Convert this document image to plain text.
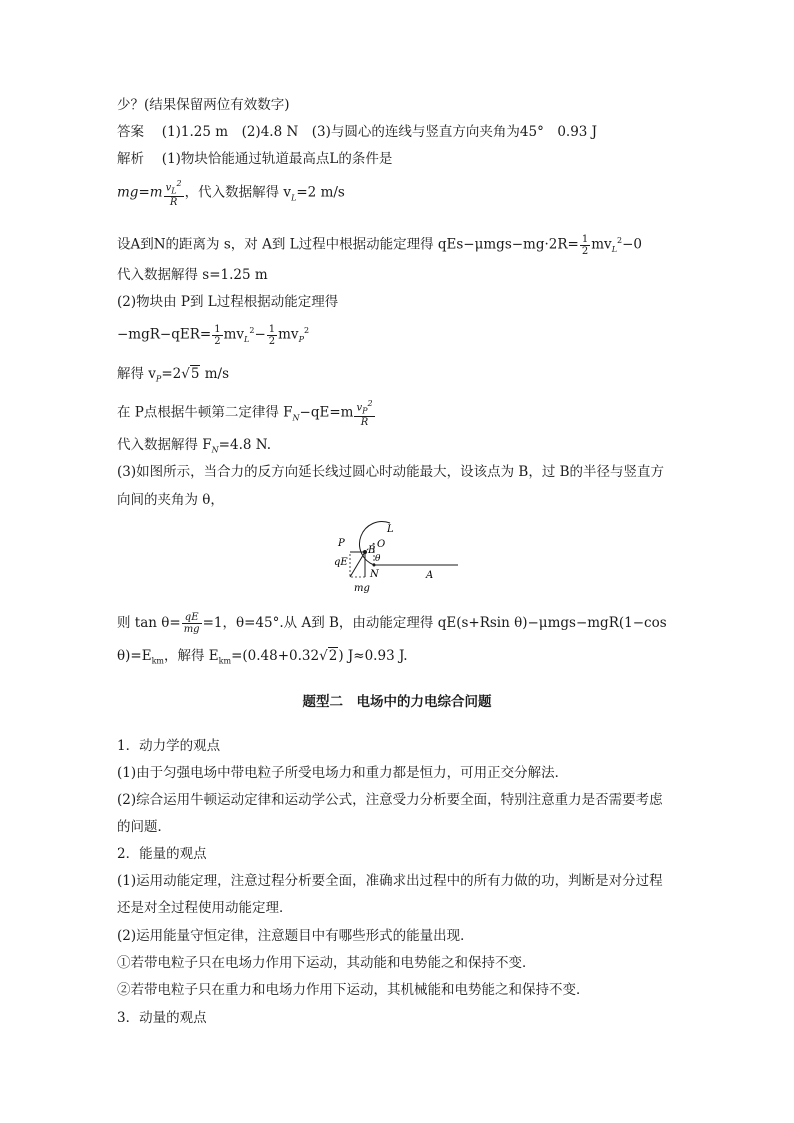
少？(结果保留两位有效数字)
答案　 (1)1.25 m　(2)4.8 N　(3)与圆心的连线与竖直方向夹角为45°　0.93 J
解析　 (1)物块恰能通过轨道最高点L的条件是
$mg=m \frac{v_L^2}{R}$ ，代入数据解得 $v_L=2$ m/s
设A到N的距离为 s，对 A到 L过程中根据动能定理得 $qEs-\mu mgs-mg\cdot 2R= \frac{1}{2} mv_L^2-0$
代入数据解得 s=1.25 m
(2)物块由 P到 L过程根据动能定理得
$-mgR-qER= \frac{1}{2} mv_L^2- \frac{1}{2} mv_P^2$
解得 $v_P=2√5$ m/s
在 P点根据牛顿第二定律得 $F_N-qE=m \frac{v_P^2}{R}$
代入数据解得 $F_N=4.8$ N.
(3)如图所示，当合力的反方向延长线过圆心时动能最大，设该点为 B，过 B的半径与竖直方
向间的夹角为 θ，
L
P
B
O
θ
qE
N	A
mg
则 $\tan \theta= \frac{qE}{mg} =1$，θ=45°.从 A到 B，由动能定理得 qE(s+Rsin θ)−μmgs−mgR(1−cos
$\theta)=E_{km}$，解得 $E_{km}=(0.48+0.32√2)$ J≈0.93 J.
题型二　电场中的力电综合问题
1．动力学的观点
(1)由于匀强电场中带电粒子所受电场力和重力都是恒力，可用正交分解法．
(2)综合运用牛顿运动定律和运动学公式，注意受力分析要全面，特别注意重力是否需要考虑
的问题．
2．能量的观点
(1)运用动能定理，注意过程分析要全面，准确求出过程中的所有力做的功，判断是对分过程
还是对全过程使用动能定理．
(2)运用能量守恒定律，注意题目中有哪些形式的能量出现．
①若带电粒子只在电场力作用下运动，其动能和电势能之和保持不变．
②若带电粒子只在重力和电场力作用下运动，其机械能和电势能之和保持不变．
3．动量的观点
